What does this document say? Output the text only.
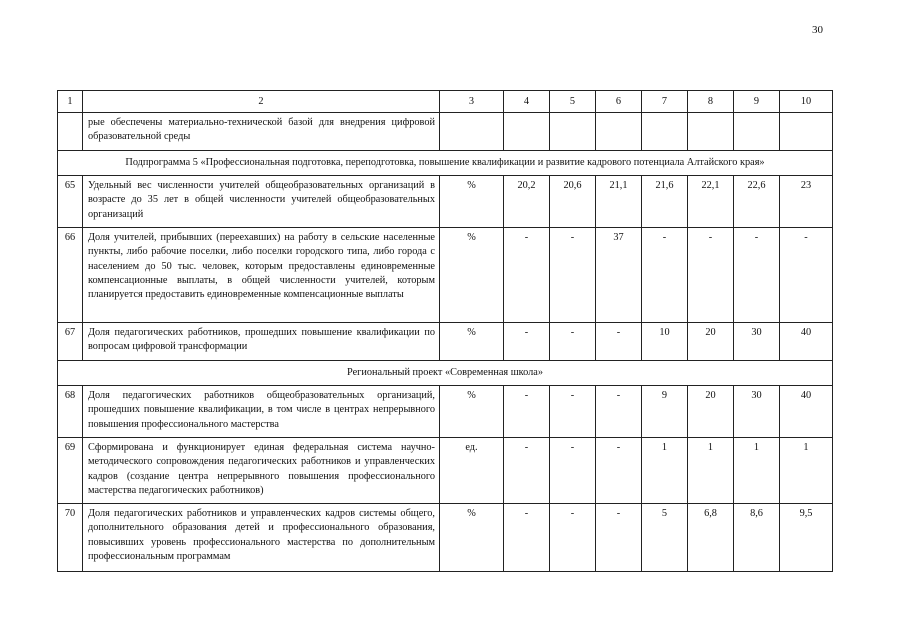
30
1	2	3	4	5	6	7	8	9	10
	рые обеспечены материально-технической базой для внедрения цифровой образовательной среды								
Подпрограмма 5 «Профессиональная подготовка, переподготовка, повышение квалификации и развитие кадрового потенциала Алтайского края»									
65	Удельный вес численности учителей общеобразовательных организаций в возрасте до 35 лет в общей численности учителей общеобразовательных организаций	%	20,2	20,6	21,1	21,6	22,1	22,6	23
66	Доля учителей, прибывших (переехавших) на работу в сельские населенные пункты, либо рабочие поселки, либо поселки городского типа, либо города с населением до 50 тыс. человек, которым предоставлены единовременные компенсационные выплаты, в общей численности учителей, которым планируется предоставить единовременные компенсационные выплаты	%	-	-	37	-	-	-	-
67	Доля педагогических работников, прошедших повышение квалификации по вопросам цифровой трансформации	%	-	-	-	10	20	30	40
Региональный проект «Современная школа»									
68	Доля педагогических работников общеобразовательных организаций, прошедших повышение квалификации, в том числе в центрах непрерывного повышения профессионального мастерства	%	-	-	-	9	20	30	40
69	Сформирована и функционирует единая федеральная система научно-методического сопровождения педагогических работников и управленческих кадров (создание центра непрерывного повышения профессионального мастерства педагогических работников)	ед.	-	-	-	1	1	1	1
70	Доля педагогических работников и управленческих кадров системы общего, дополнительного образования детей и профессионального образования, повысивших уровень профессионального мастерства по дополнительным профессиональным программам	%	-	-	-	5	6,8	8,6	9,5
